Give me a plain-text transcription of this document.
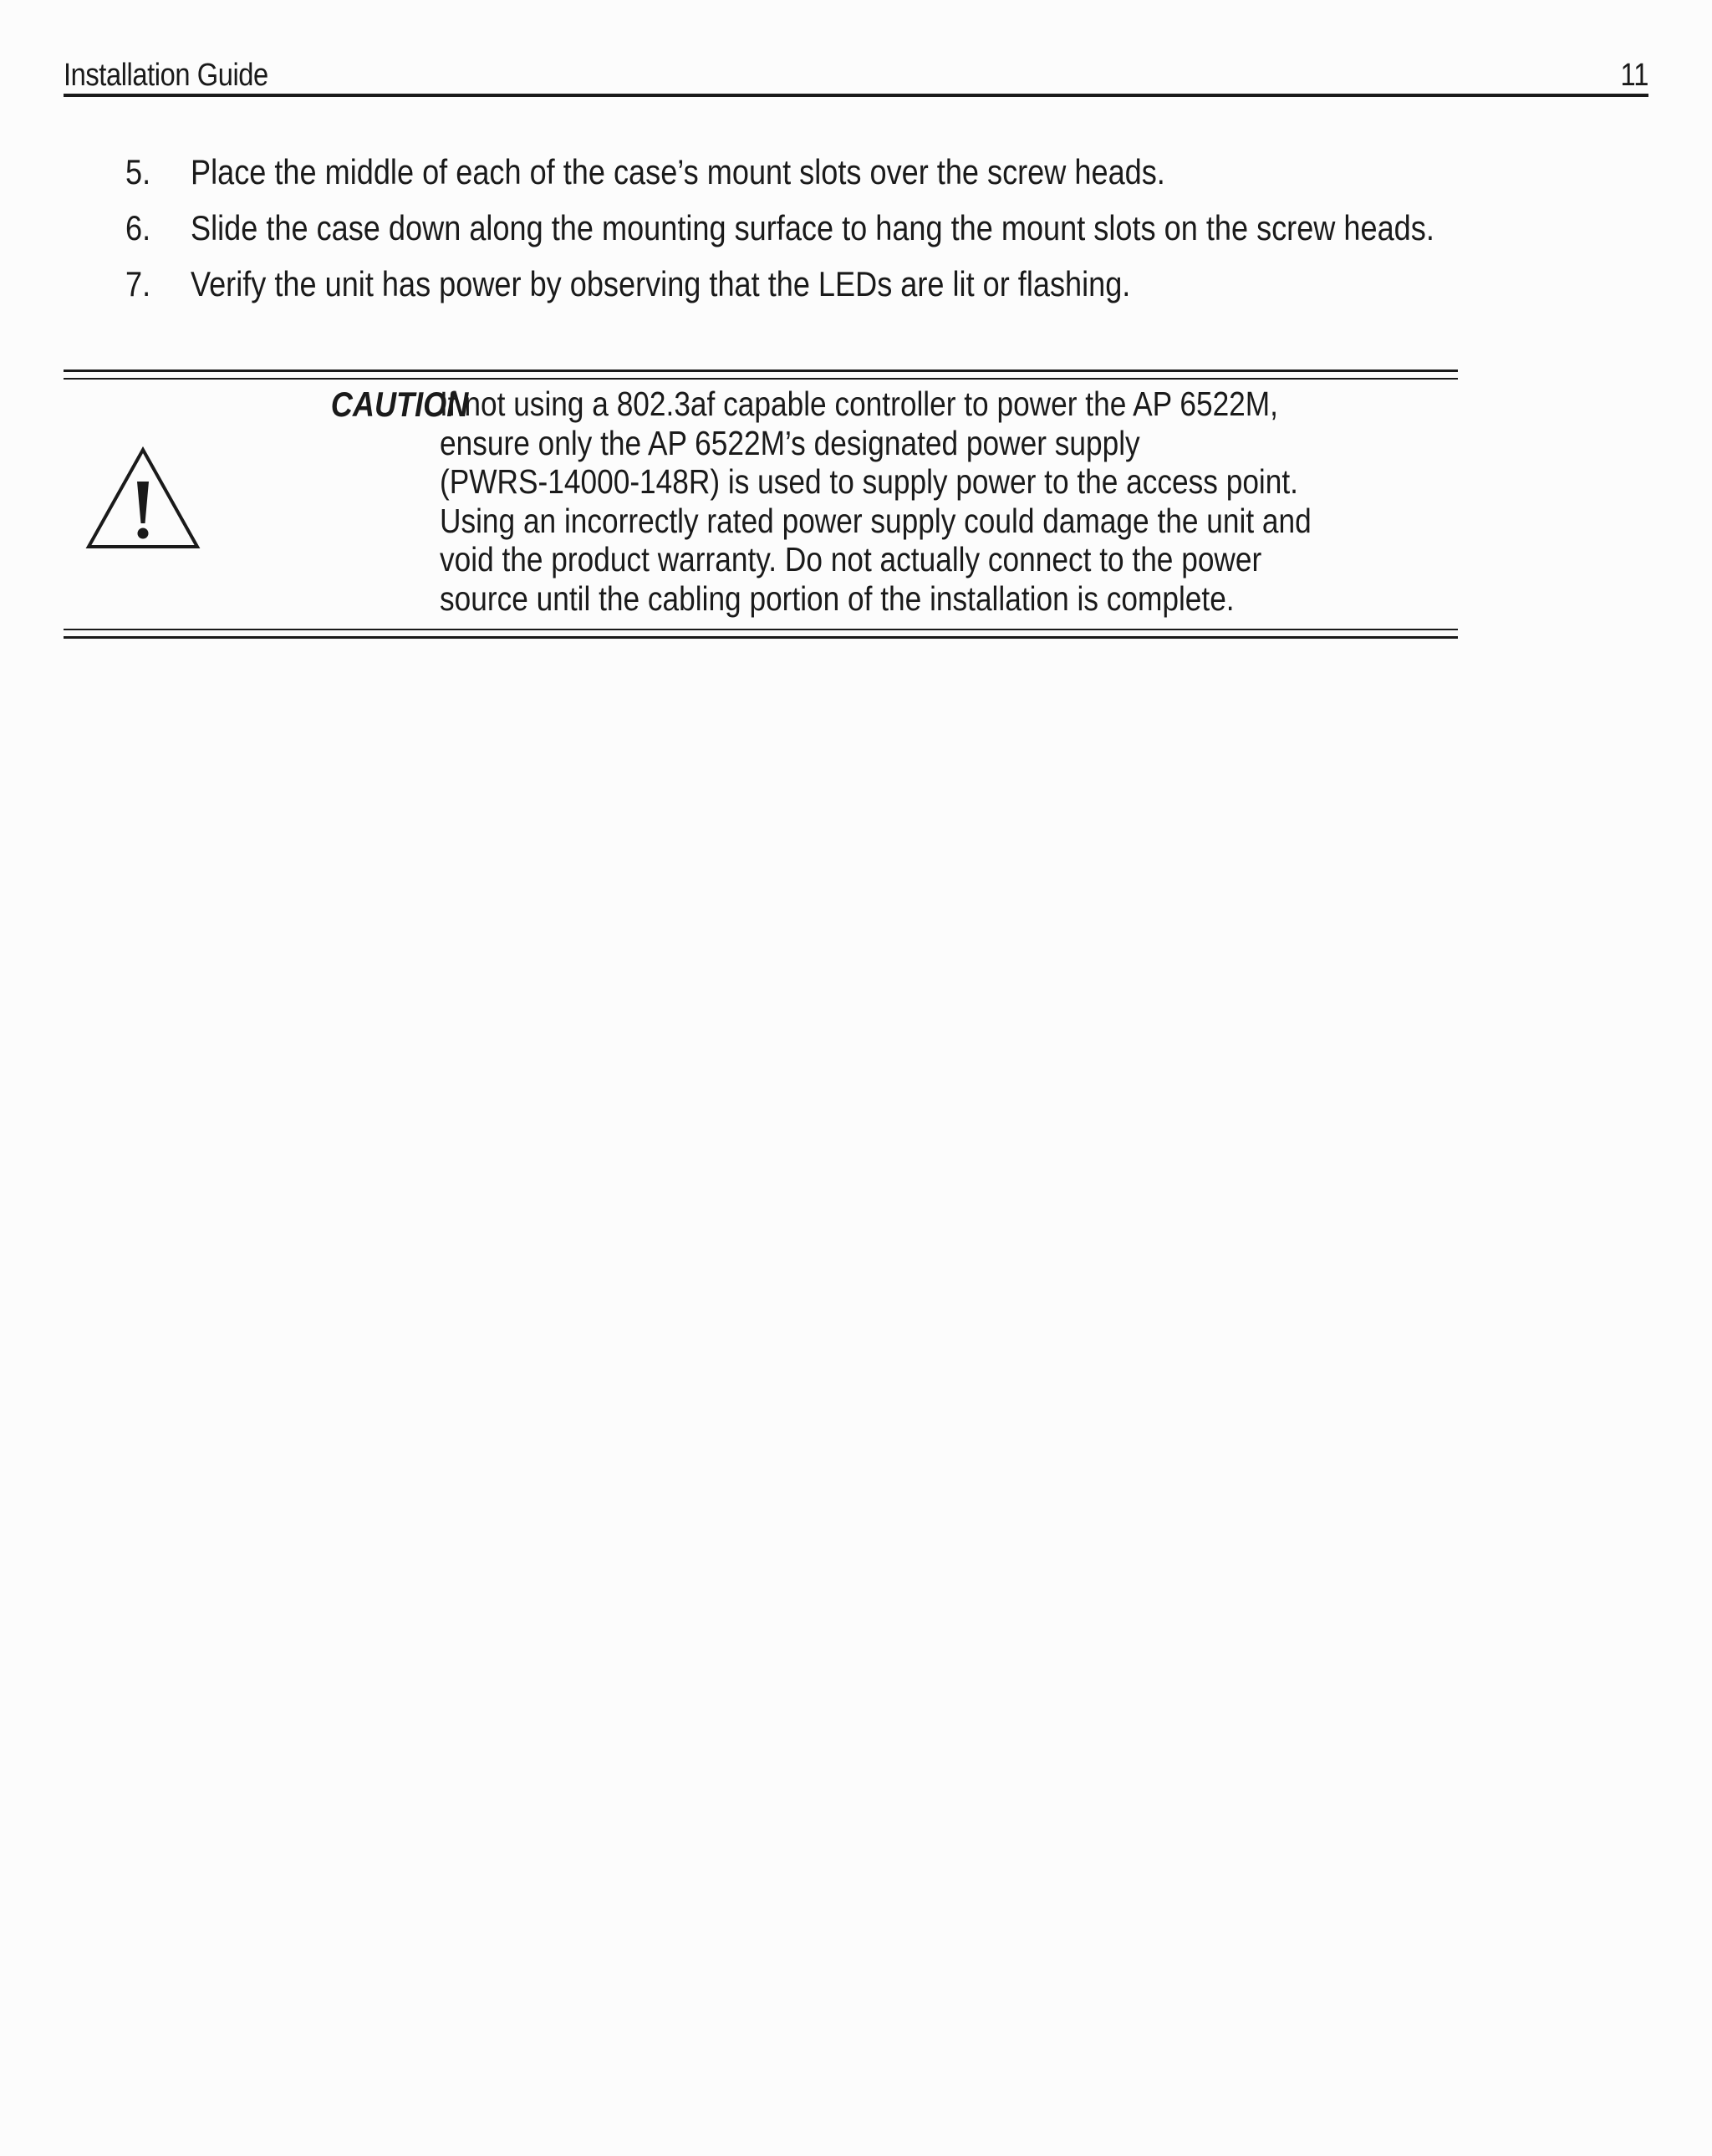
Installation Guide	11
5. Place the middle of each of the case’s mount slots over the screw heads.
6. Slide the case down along the mounting surface to hang the mount slots on the screw heads.
7. Verify the unit has power by observing that the LEDs are lit or flashing.
CAUTION
If not using a 802.3af capable controller to power the AP 6522M,
ensure only the AP 6522M’s designated power supply
(PWRS-14000-148R) is used to supply power to the access point.
Using an incorrectly rated power supply could damage the unit and
void the product warranty. Do not actually connect to the power
source until the cabling portion of the installation is complete.
